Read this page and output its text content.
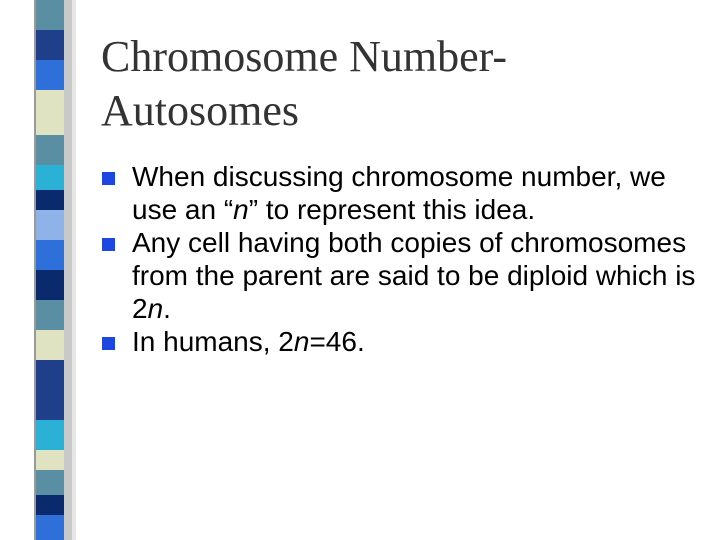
Chromosome Number-
Autosomes
When discussing chromosome number, we use an “n” to represent this idea.
Any cell having both copies of chromosomes from the parent are said to be diploid which is 2n.
In humans, 2n=46.
